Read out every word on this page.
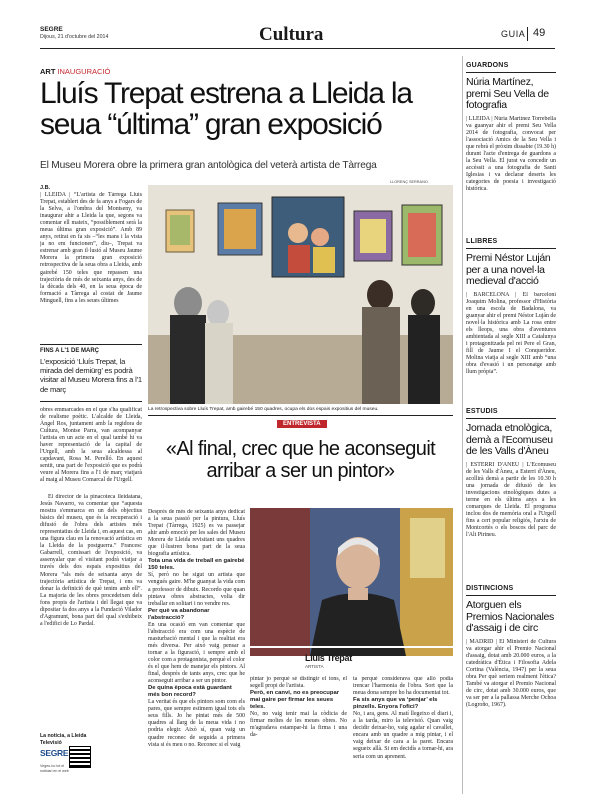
SEGRE
Dijous, 21 d'octubre del 2014	Cultura	GUIA 49
ART INAUGURACIÓ
Lluís Trepat estrena a Lleida la
seua “última” gran exposició
El Museu Morera obre la primera gran antològica del veterà artista de Tàrrega
LLORENÇ SERRANO
La retrospectiva sobre Lluís Trepat, amb gairebé 150 quadres, ocupa els dos espais expositius del museu.
J.B.
| LLEIDA | “L'artista de Tàrrega Lluís Trepat, establert des de fa anys a Fogars de la Selva, a l'ombra del Montseny, va inaugurar ahir a Lleida la que, segons va comentar ell mateix, “possiblement serà la meua última gran exposició”. Amb 89 anys, retirat en fa sis –“les mans i la vista ja no em funcionen”, diu–, Trepat va estrenar amb gran il·lusió al Museu Jaume Morera la primera gran exposició retrospectiva de la seua obra a Lleida, amb gairebé 150 teles que repassen una trajectòria de més de seixanta anys, des de la dècada dels 40, en la seua època de formació a Tàrrega al costat de Jaume Minguell, fins a les seues últimes
FINS A L'1 DE MARÇ
L'exposició ‘Lluís Trepat, la mirada del demiürg’ es podrà visitar al Museu Morera fins a l'1 de març
obres emmarcades en el que s'ha qualificat de realisme poètic. L'alcalde de Lleida, Àngel Ros, juntament amb la regidora de Cultura, Montse Parra, van acompanyar l'artista en un acte en el qual també hi va haver representació de la capital de l'Urgell, amb la seua alcaldessa al capdavant, Rosa M. Perelló. En aquest sentit, una part de l'exposició que es podrà veure al Morera fins a l'1 de març viatjarà al maig al Museu Comarcal de l'Urgell.
El director de la pinacoteca lleidatana, Jesús Navarro, va comentar que “aquesta mostra s'emmarca en un dels objectius bàsics del museu, que és la recuperació i difusió de l'obra dels artistes més representatius de Lleida i, en aquest cas, en una figura clau en la renovació artística en la Lleida de la postguerra.” Francesc Gabarrell, comissari de l'exposició, va assenyalar que el visitant podrà viatjar a través dels dos espais expositius del Morera “als més de seixanta anys de trajectòria artística de Trepat, i ens va donar la definició de què tenim amb ell”. La majoria de les obres procedeixen dels fons propis de l'artista i del llegat que va dipositar fa dos anys a la Fundació Vilador d'Agramunt, bona part del qual s'exhibeix a l'edifici de Lo Pardal.
La notícia, a Lleida Televisió
SEGRE
Vegeu-ho tot el noticiari en el web
ENTREVISTA
«Al final, crec que he aconseguit arribar a ser un pintor»
Després de més de seixanta anys dedicat a la seua passió per la pintura, Lluís Trepat (Tàrrega, 1925) es va passejar ahir amb emoció per les sales del Museu Morera de Lleida revisitant uns quadres que il·lustren bona part de la seua biografia artística.
Tota una vida de treball en gairebé 150 teles.
Sí, però no he sigut un artista que vengués gaire. M'he guanyat la vida com a professor de dibuix. Recordo que quan pintava obres abstractes, volia dir treballar en solitari i no vendre res.
Per què va abandonar l'abstracció?
En una ocasió em van comentar que l'abstracció era com una espècie de masturbació mental i que la realitat era més diversa. Per això vaig pensar a tornar a la figuració, i sempre amb el color com a protagonista, perquè el color és el que hem de manejar els pintors. Al final, després de tants anys, crec que he aconseguit arribar a ser un pintor.
De quina època està guardant més bon record?
La veritat és que els pintors som com els pares, que sempre estimem igual tots els seus fills. Jo he pintat més de 500 quadres al llarg de la meua vida i no podria elegir. Això sí, quan vaig un quadre reconec de seguida a primera vista si és meu o no. Reconec si el vaig
Lluís Trepat
ARTISTA
pintar jo perquè sé distingir el tons, el segell propi de l'artista.
Però, en canvi, no es preocupar mai gaire per firmar les seues teles.
No, no vaig tenir mai la còdicia de firmar moltes de les meues obres. No m'agradava estampar-hi la firma i una da-
ta perquè considerava que allò podia trencar l'harmonia de l'obra. Sort que la meua dona sempre ho ha documentat tot.
Fa sis anys que va ‘penjar’ els pinzells. Enyora l'ofici?
No, i ara, gens. Al matí llegeixo el diari i, a la tarda, miro la televisió. Quan vaig decidir deixar-ho, vaig agafar el cavallet, encara amb un quadre a mig pintar, i el vaig deixar de cara a la paret. Encara segueix allà. Si em decidís a tornar-hi, ara seria com un aprenent.
GUARDONS
Núria Martínez, premi Seu Vella de fotografia
| LLEIDA | Núria Martínez Torrebella va guanyar ahir el premi Seu Vella 2014 de fotografia, convocat per l'associació Amics de la Seu Vella i que rebrà el pròxim dissabte (19.30 h) durant l'acte d'entrega de guardons a la Seu Vella. El jurat va concedir un accèssit a una fotografia de Santi Iglesias i va declarar deserts les categories de poesia i investigació històrica.
LLIBRES
Premi Néstor Luján per a una novel·la medieval d'acció
| BARCELONA | El barceloní Joaquim Molina, professor d'Història en una escola de Badalona, va guanyar ahir el premi Néstor Luján de novel·la històrica amb La rosa entre els lleops, una obra d'aventures ambientada al segle XIII a Catalunya i protagonitzada pel rei Pere el Gran, fill de Jaume I el Conqueridor. Molina viatja al segle XIII amb “una obra d'evasió i un personatge amb llum pròpia”.
ESTUDIS
Jornada etnològica, demà a l'Ecomuseu de les Valls d'Àneu
| ESTERRI D'ÀNEU | L'Ecomuseu de les Valls d'Àneu, a Esterri d'Àneu, acollirà demà a partir de les 10.30 h una jornada de difusió de les investigacions etnològiques dutes a terme en els últims anys a les comarques de Lleida. El programa inclou dos de memòria oral a l'Urgell fins a cert popular religiós, l'arxiu de Montcortès o els boscos del parc de l'Alt Pirineu.
DISTINCIONS
Atorguen els Premios Nacionales d'assaig i de circ
| MADRID | El Ministeri de Cultura va atorgar ahir el Premio Nacional d'assaig, dotat amb 20.000 euros, a la catedràtica d'Ètica i Filosofia Adela Cortina (València, 1947) per la seua obra Per què seriem realment l'ètica? També va atorgar el Premio Nacional de circ, dotat amb 30.000 euros, que va ser per a la pallassa Merche Ochoa (Logroño, 1967).
